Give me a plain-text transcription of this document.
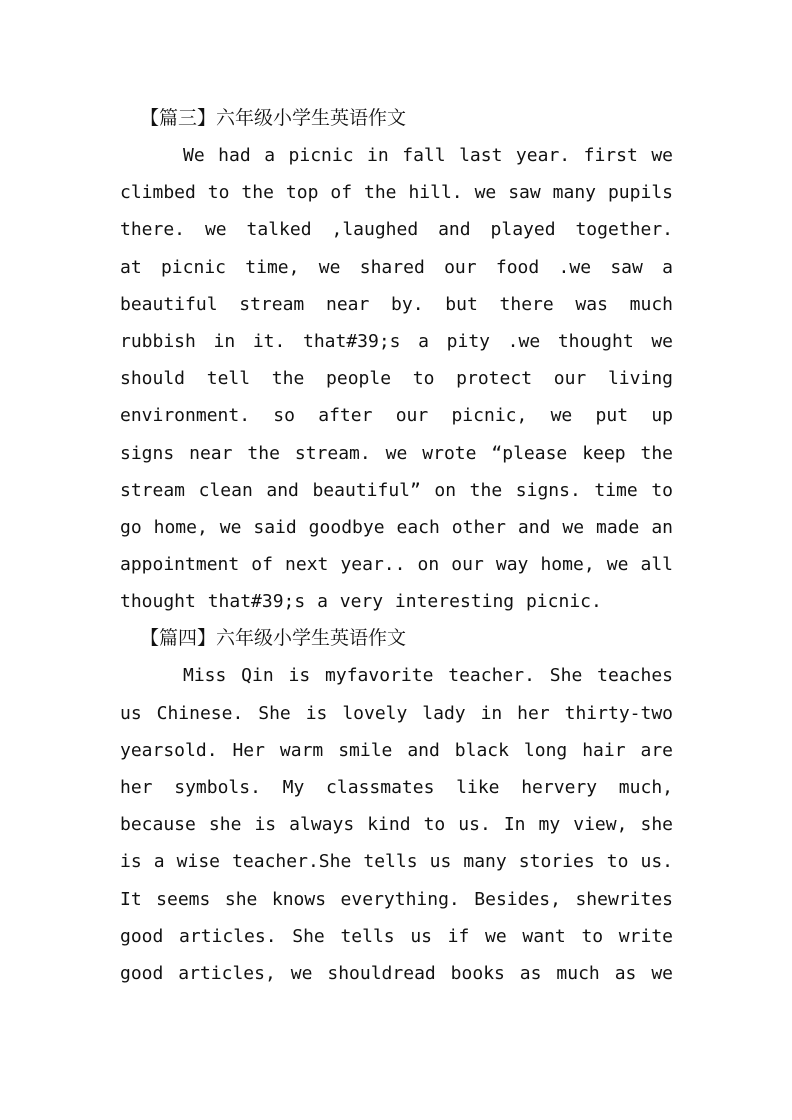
【篇三】六年级小学生英语作文
We had a picnic in fall last year. first we
climbed to the top of the hill. we saw many pupils
there. we talked ,laughed and played together.
at picnic time, we shared our food .we saw a
beautiful stream near by. but there was much
rubbish in it. that#39;s a pity .we thought we
should tell the people to protect our living
environment. so after our picnic, we put up
signs near the stream. we wrote “please keep the
stream clean and beautiful” on the signs. time to
go home, we said goodbye each other and we made an
appointment of next year.. on our way home, we all
thought that#39;s a very interesting picnic.
【篇四】六年级小学生英语作文
Miss Qin is myfavorite teacher. She teaches
us Chinese. She is lovely lady in her thirty-two
yearsold. Her warm smile and black long hair are
her symbols. My classmates like hervery much,
because she is always kind to us. In my view, she
is a wise teacher.She tells us many stories to us.
It seems she knows everything. Besides, shewrites
good articles. She tells us if we want to write
good articles, we shouldread books as much as we
